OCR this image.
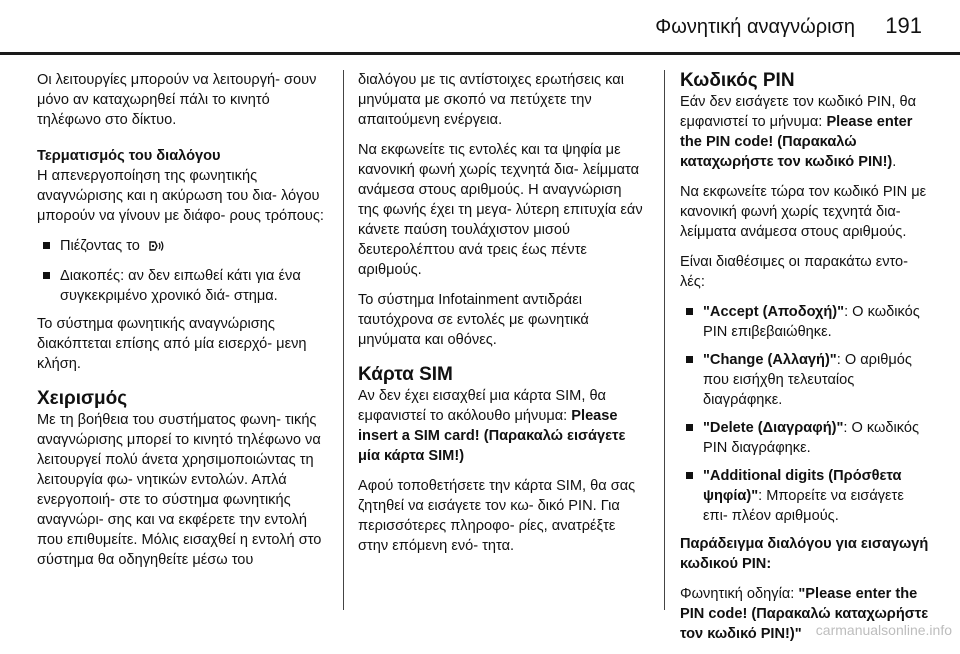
Φωνητική αναγνώριση 191

Οι λειτουργίες μπορούν να λειτουργή- σουν μόνο αν καταχωρηθεί πάλι το κινητό τηλέφωνο στο δίκτυο.

Τερματισμός του διαλόγου

Η απενεργοποίηση της φωνητικής αναγνώρισης και η ακύρωση του δια- λόγου μπορούν να γίνουν με διάφο- ρους τρόπους:

Πιέζοντας το
Διακοπές: αν δεν ειπωθεί κάτι για ένα συγκεκριμένο χρονικό διά- στημα.

Το σύστημα φωνητικής αναγνώρισης διακόπτεται επίσης από μία εισερχό- μενη κλήση.

Χειρισμός

Με τη βοήθεια του συστήματος φωνη- τικής αναγνώρισης μπορεί το κινητό τηλέφωνο να λειτουργεί πολύ άνετα χρησιμοποιώντας τη λειτουργία φω- νητικών εντολών. Απλά ενεργοποιή- στε το σύστημα φωνητικής αναγνώρι- σης και να εκφέρετε την εντολή που επιθυμείτε. Μόλις εισαχθεί η εντολή στο σύστημα θα οδηγηθείτε μέσω του

διαλόγου με τις αντίστοιχες ερωτήσεις και μηνύματα με σκοπό να πετύχετε την απαιτούμενη ενέργεια.

Να εκφωνείτε τις εντολές και τα ψηφία με κανονική φωνή χωρίς τεχνητά δια- λείμματα ανάμεσα στους αριθμούς. Η αναγνώριση της φωνής έχει τη μεγα- λύτερη επιτυχία εάν κάνετε παύση τουλάχιστον μισού δευτερολέπτου ανά τρεις έως πέντε αριθμούς.

Το σύστημα Infotainment αντιδράει ταυτόχρονα σε εντολές με φωνητικά μηνύματα και οθόνες.

Κάρτα SIM

Αν δεν έχει εισαχθεί μια κάρτα SIM, θα εμφανιστεί το ακόλουθο μήνυμα: Please insert a SIM card! (Παρακαλώ εισάγετε μία κάρτα SIM!)

Αφού τοποθετήσετε την κάρτα SIM, θα σας ζητηθεί να εισάγετε τον κω- δικό PIN. Για περισσότερες πληροφο- ρίες, ανατρέξτε στην επόμενη ενό- τητα.

Κωδικός PIN

Εάν δεν εισάγετε τον κωδικό PIN, θα εμφανιστεί το μήνυμα: Please enter the PIN code! (Παρακαλώ καταχωρήστε τον κωδικό PIN!).

Να εκφωνείτε τώρα τον κωδικό PIN με κανονική φωνή χωρίς τεχνητά δια- λείμματα ανάμεσα στους αριθμούς.

Είναι διαθέσιμες οι παρακάτω εντο- λές:

"Accept (Αποδοχή)": Ο κωδικός PIN επιβεβαιώθηκε.
"Change (Αλλαγή)": Ο αριθμός που εισήχθη τελευταίος διαγράφηκε.
"Delete (Διαγραφή)": Ο κωδικός PIN διαγράφηκε.
"Additional digits (Πρόσθετα ψηφία)": Μπορείτε να εισάγετε επι- πλέον αριθμούς.

Παράδειγμα διαλόγου για εισαγωγή κωδικού PIN:

Φωνητική οδηγία: "Please enter the PIN code! (Παρακαλώ καταχωρήστε τον κωδικό PIN!)"	carmanualsonline.info
